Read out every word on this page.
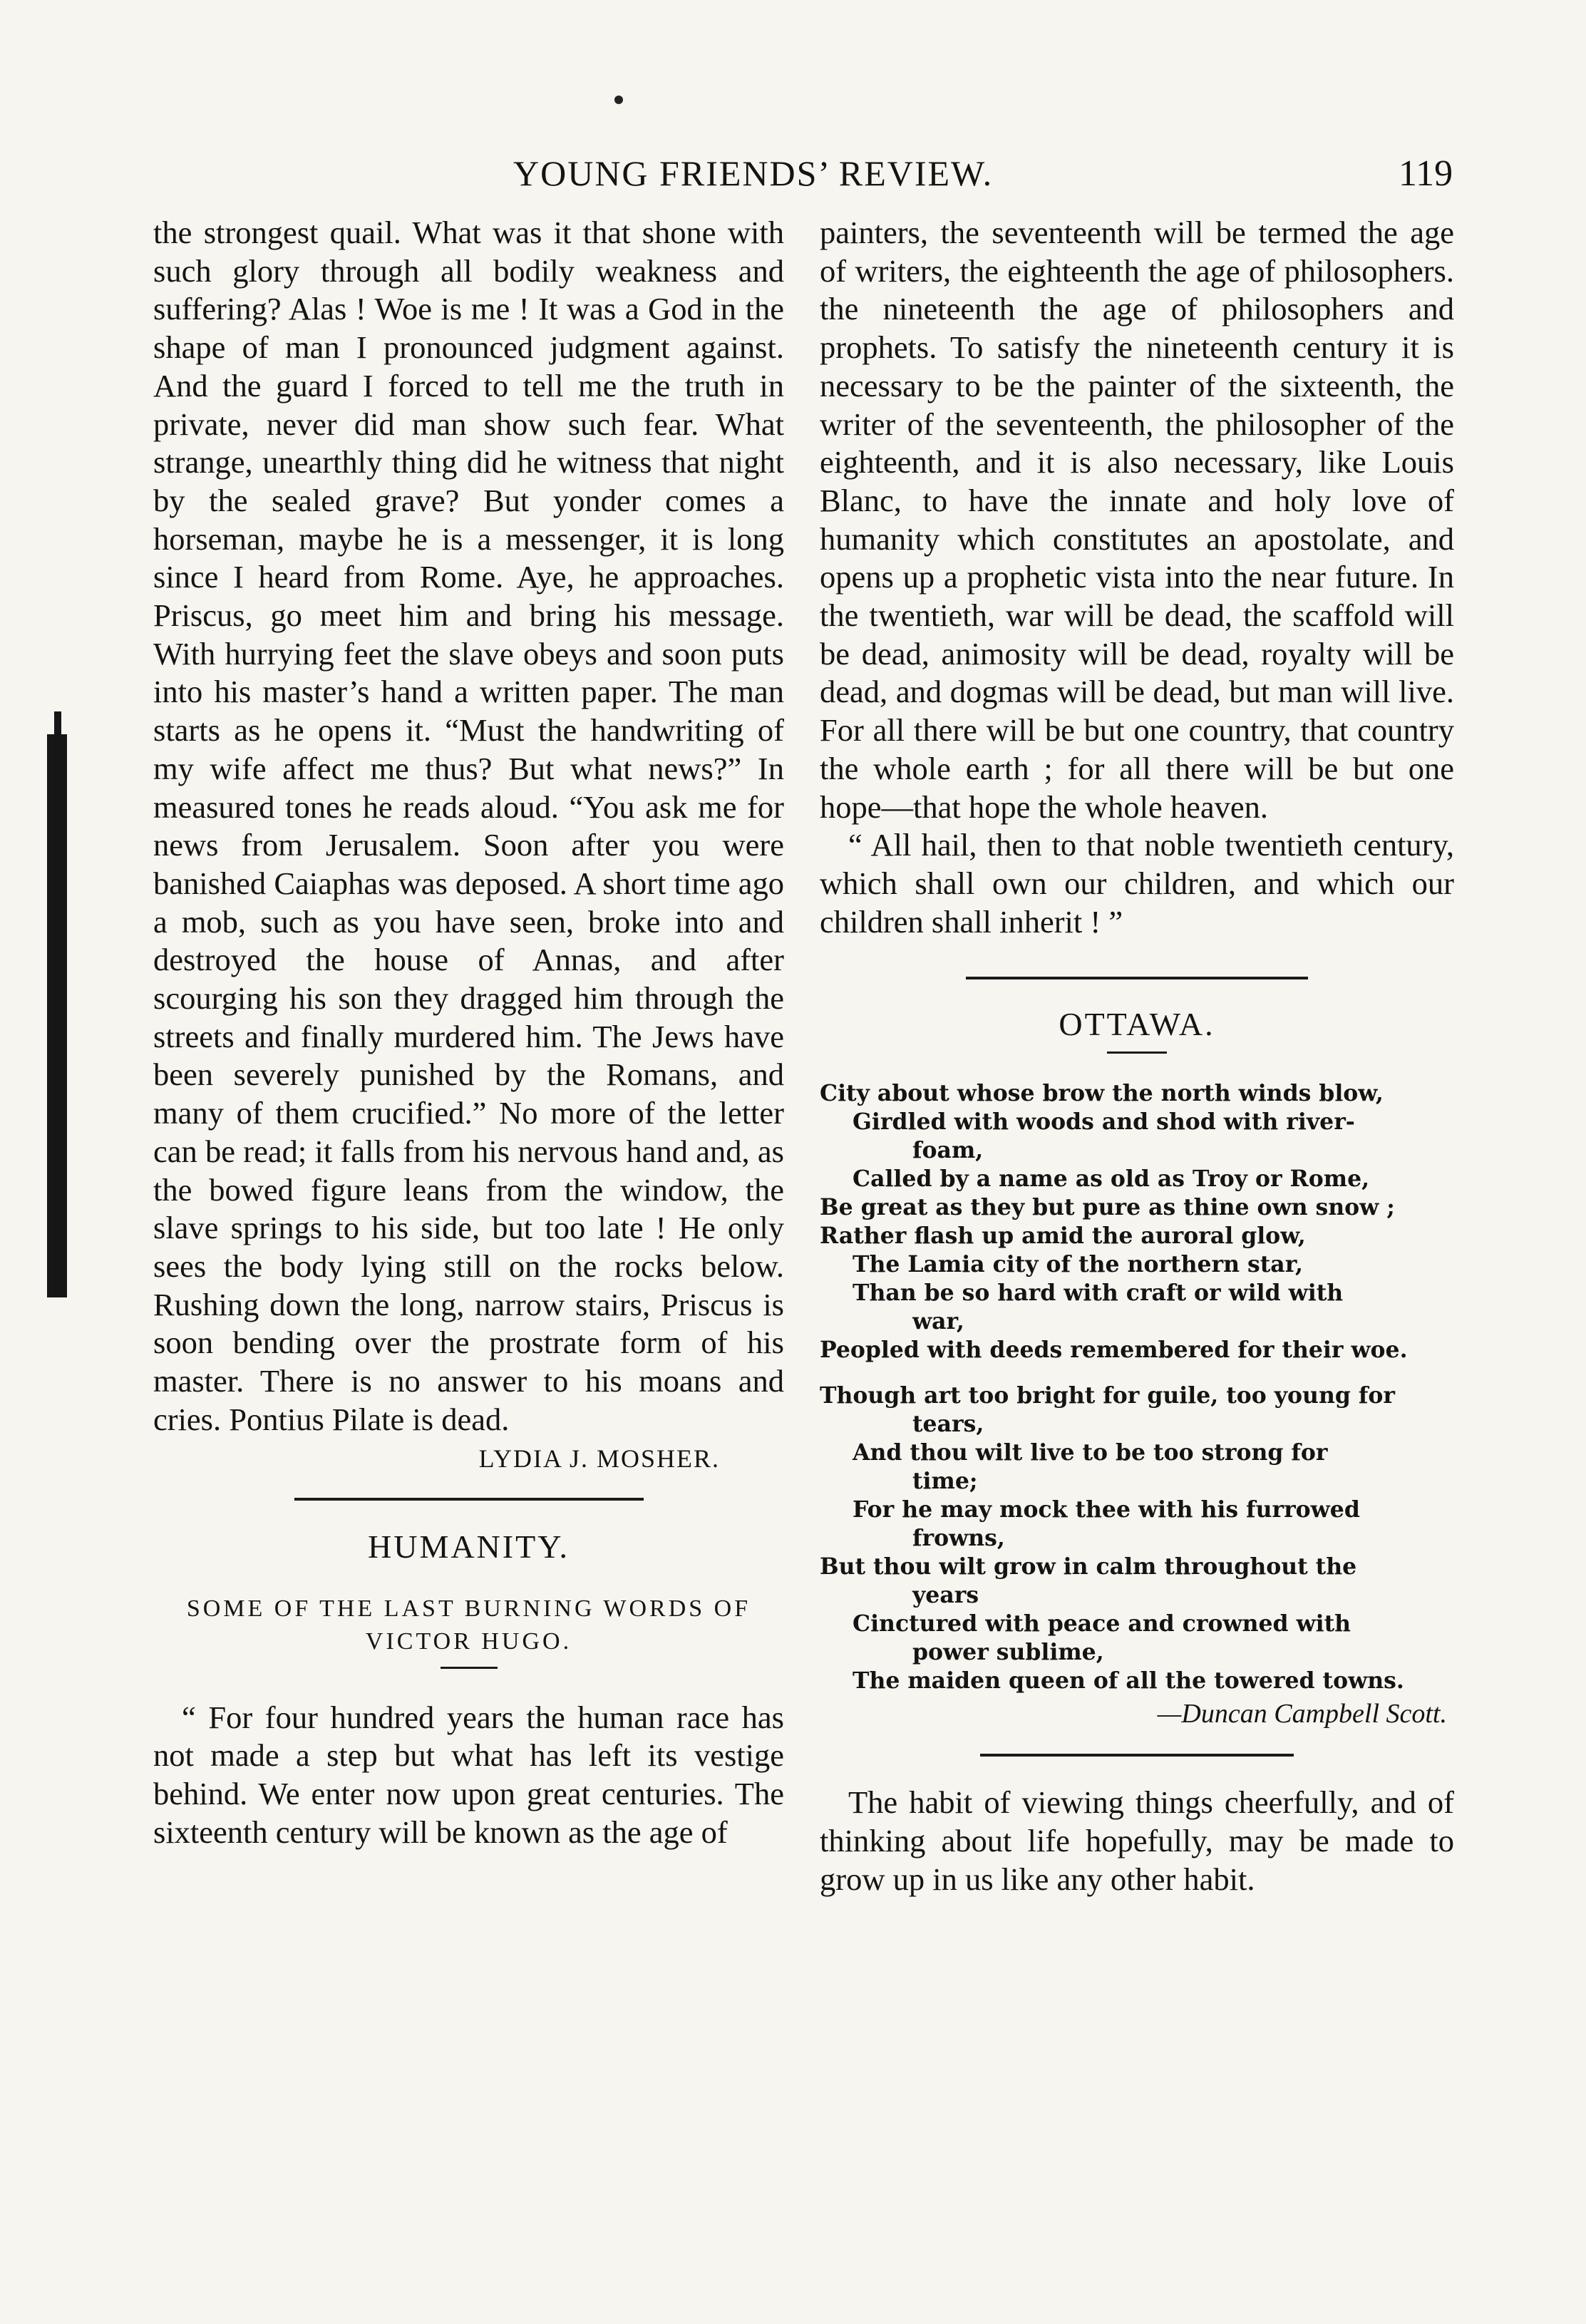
YOUNG FRIENDS’ REVIEW.	119

the strongest quail. What was it that shone with such glory through all bodily weakness and suffering? Alas ! Woe is me ! It was a God in the shape of man I pronounced judgment against. And the guard I forced to tell me the truth in private, never did man show such fear. What strange, unearthly thing did he witness that night by the sealed grave? But yonder comes a horseman, maybe he is a messenger, it is long since I heard from Rome. Aye, he approaches. Priscus, go meet him and bring his message. With hurrying feet the slave obeys and soon puts into his master’s hand a written paper. The man starts as he opens it. “Must the handwriting of my wife affect me thus? But what news?” In measured tones he reads aloud. “You ask me for news from Jerusalem. Soon after you were banished Caiaphas was deposed. A short time ago a mob, such as you have seen, broke into and destroyed the house of Annas, and after scourging his son they dragged him through the streets and finally murdered him. The Jews have been severely punished by the Romans, and many of them crucified.” No more of the letter can be read; it falls from his nervous hand and, as the bowed figure leans from the window, the slave springs to his side, but too late ! He only sees the body lying still on the rocks below. Rushing down the long, narrow stairs, Priscus is soon bending over the prostrate form of his master. There is no answer to his moans and cries. Pontius Pilate is dead.

LYDIA J. MOSHER.
HUMANITY.
SOME OF THE LAST BURNING WORDS OF VICTOR HUGO.

“ For four hundred years the human race has not made a step but what has left its vestige behind. We enter now upon great centuries. The sixteenth century will be known as the age of

painters, the seventeenth will be termed the age of writers, the eighteenth the age of philosophers. the nineteenth the age of philosophers and prophets. To satisfy the nineteenth century it is necessary to be the painter of the sixteenth, the writer of the seventeenth, the philosopher of the eighteenth, and it is also necessary, like Louis Blanc, to have the innate and holy love of humanity which constitutes an apostolate, and opens up a prophetic vista into the near future. In the twentieth, war will be dead, the scaffold will be dead, animosity will be dead, royalty will be dead, and dogmas will be dead, but man will live. For all there will be but one country, that country the whole earth ; for all there will be but one hope—that hope the whole heaven.

“ All hail, then to that noble twentieth century, which shall own our children, and which our children shall inherit ! ”

OTTAWA.
City about whose brow the north winds blow,
Girdled with woods and shod with river-
foam,
Called by a name as old as Troy or Rome,
Be great as they but pure as thine own snow ;
Rather flash up amid the auroral glow,
The Lamia city of the northern star,
Than be so hard with craft or wild with
war,
Peopled with deeds remembered for their woe.
Though art too bright for guile, too young for
tears,
And thou wilt live to be too strong for
time;
For he may mock thee with his furrowed
frowns,
But thou wilt grow in calm throughout the
years
Cinctured with peace and crowned with
power sublime,
The maiden queen of all the towered towns.
—Duncan Campbell Scott.

The habit of viewing things cheerfully, and of thinking about life hopefully, may be made to grow up in us like any other habit.
